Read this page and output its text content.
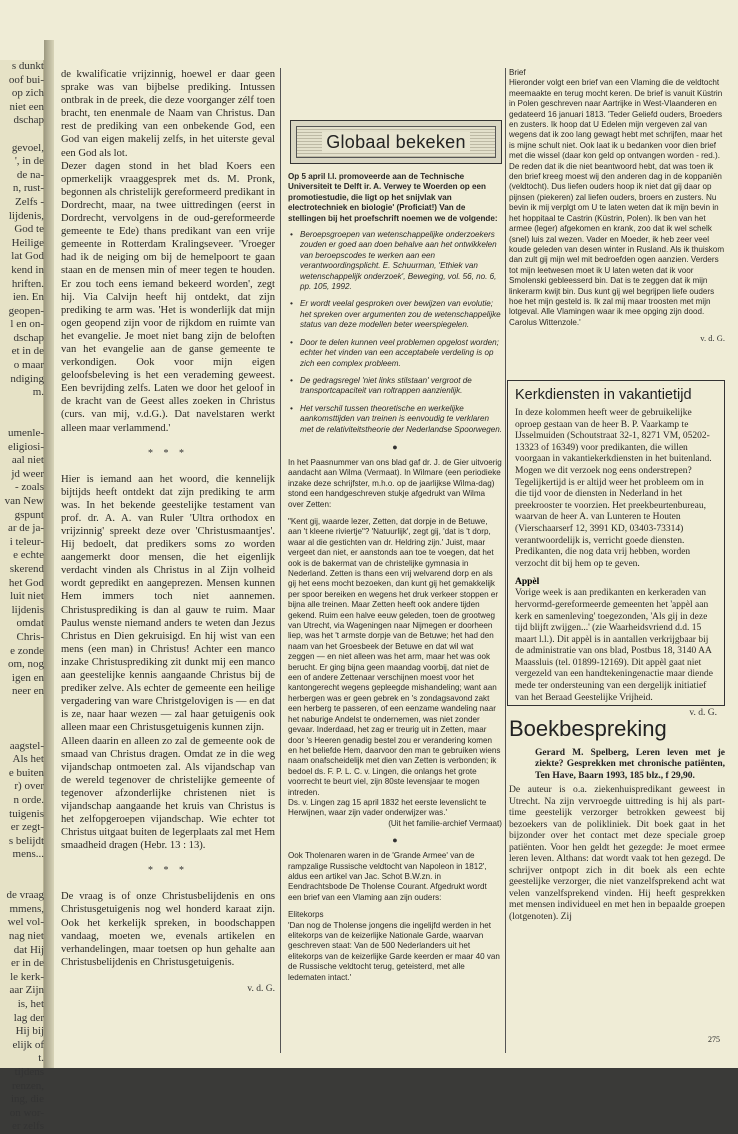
s dunkt
oof bui-
op zich
niet een
dschap

gevoel,
', in de
de na-
n, rust-
Zelfs -
lijdenis,
God te
Heilige
lat God
kend in
hriften.
ien. En
geopen-
l en on-
dschap
et in de
o maar
ndiging
m.

umenle-
eligiosi-
aal niet
jd weer
- zoals
van New
gspunt
ar de ja-
i teleur-
e echte
skerend
het God
luit niet
lijdenis
omdat
Chris-
e zonde
om, nog
igen en
neer en

aagstel-
Als het
e buiten
r) over
n orde.
tuigenis
er zegt-
s belijdt
mens...

de vraag
mmens,
wel vol-
nag niet
dat Hij
er in de
le kerk-
aar Zijn
is, het
lag der
Hij bij
elijk of
t.
tijdens
renzen,
ing, die
on wor-
er zelfs

de kwalificatie vrijzinnig, hoewel er daar geen sprake was van bijbelse prediking. Intussen ontbrak in de preek, die deze voorganger zélf toen bracht, ten enenmale de Naam van Christus. Dan rest de prediking van een onbekende God, een God van eigen makelij zelfs, in het uiterste geval een God als lot.

Dezer dagen stond in het blad Koers een opmerkelijk vraaggesprek met ds. M. Pronk, begonnen als christelijk gereformeerd predikant in Dordrecht, maar, na twee uittredingen (eerst in Dordrecht, vervolgens in de oud-gereformeerde gemeente te Ede) thans predikant van een vrije gemeente in Rotterdam Kralingseveer. 'Vroeger had ik de neiging om bij de hemelpoort te gaan staan en de mensen min of meer tegen te houden. Er zou toch eens iemand bekeerd worden', zegt hij. Via Calvijn heeft hij ontdekt, dat zijn prediking te arm was. 'Het is wonderlijk dat mijn ogen geopend zijn voor de rijkdom en ruimte van het evangelie. Je moet niet bang zijn de beloften van het evangelie aan de ganse gemeente te verkondigen. Ook voor mijn eigen geloofsbeleving is het een verademing geweest. Een bevrijding zelfs. Laten we door het geloof in de kracht van de Geest alles zoeken in Christus (curs. van mij, v.d.G.). Dat navelstaren werkt alleen maar verlammend.'

* * *

Hier is iemand aan het woord, die kennelijk bijtijds heeft ontdekt dat zijn prediking te arm was. In het bekende geestelijke testament van prof. dr. A. A. van Ruler 'Ultra orthodox en vrijzinnig' spreekt deze over 'Christusmaantjes'. Hij bedoelt, dat predikers soms zo worden aangemerkt door mensen, die het eigenlijk verdacht vinden als Christus in al Zijn volheid wordt gepredikt en aangeprezen. Mensen kunnen Hem immers toch niet aannemen. Christusprediking is dan al gauw te ruim. Maar Paulus wenste niemand anders te weten dan Jezus Christus en Dien gekruisigd. En hij wist van een mens (een man) in Christus! Achter een manco inzake Christusprediking zit dunkt mij een manco aan geestelijke kennis aangaande Christus bij de prediker zelve. Als echter de gemeente een heilige vergadering van ware Christgelovigen is — en dat is ze, naar haar wezen — zal haar getuigenis ook alleen maar een Christusgetuigenis kunnen zijn.

Alleen daarin en alleen zo zal de gemeente ook de smaad van Christus dragen. Omdat ze in die weg vijandschap ontmoeten zal. Als vijandschap van de wereld tegenover de christelijke gemeente of tegenover afzonderlijke christenen niet is vijandschap aangaande het kruis van Christus is het zelfopgeroepen vijandschap. Wie echter tot Christus uitgaat buiten de legerplaats zal met Hem smaadheid dragen (Hebr. 13 : 13).

* * *

De vraag is of onze Christusbelijdenis en ons Christusgetuigenis nog wel honderd karaat zijn. Ook het kerkelijk spreken, in boodschappen vandaag, moeten we, evenals artikelen en verhandelingen, maar toetsen op hun gehalte aan Christusbelijdenis en Christusgetuigenis.

v. d. G.
Globaal bekeken

Op 5 april l.l. promoveerde aan de Technische Universiteit te Delft ir. A. Verwey te Woerden op een promotiestudie, die ligt op het snijvlak van electrotechniek en biologie' (Proficiat!) Van de stellingen bij het proefschrift noemen we de volgende:

• Beroepsgroepen van wetenschappelijke onderzoekers zouden er goed aan doen behalve aan het ontwikkelen van beroepscodes te werken aan een verantwoordingsplicht. E. Schuurman, 'Ethiek van wetenschappelijk onderzoek', Beweging, vol. 56, no. 6, pp. 105, 1992.
• Er wordt veelal gesproken over bewijzen van evolutie; het spreken over argumenten zou de wetenschappelijke status van deze modellen beter weerspiegelen.
• Door te delen kunnen veel problemen opgelost worden; echter het vinden van een acceptabele verdeling is op zich een complex probleem.
• De gedragsregel 'niet links stilstaan' vergroot de transportcapaciteit van roltrappen aanzienlijk.
• Het verschil tussen theoretische en werkelijke aankomsttijden van treinen is eenvoudig te verklaren met de relativiteitstheorie der Nederlandse Spoorwegen.
●

In het Paasnummer van ons blad gaf dr. J. de Gier uitvoerig aandacht aan Wilma (Vermaat). In Wilmare (een periodieke inzake deze schrijfster, m.h.o. op de jaarlijkse Wilma-dag) stond een handgeschreven stukje afgedrukt van Wilma over Zetten:

"Kent gij, waarde lezer, Zetten, dat dorpje in de Betuwe, aan 't kleene riviertje"? 'Natuurlijk', zegt gij, 'dat is 't dorp, waar al die gestichten van dr. Heldring zijn.' Juist, maar vergeet dan niet, er aanstonds aan toe te voegen, dat het ook is de bakermat van de christelijke gymnasia in Nederland. Zetten is thans een vrij welvarend dorp en als gij het eens mocht bezoeken, dan kunt gij het gemakkelijk per spoor bereiken en wegens het druk verkeer stoppen er bijna alle treinen. Maar Zetten heeft ook andere tijden gekend. Ruim een halve eeuw geleden, toen de grootweg van Utrecht, via Wageningen naar Nijmegen er doorheen liep, was het 't armste dorpje van de Betuwe; het had den naam van het Groesbeek der Betuwe en dat wil wat zeggen — en niet alleen was het arm, maar het was ook berucht. Er ging bijna geen maandag voorbij, dat niet de een of andere Zettenaar verschijnen moest voor het kantongerecht wegens gepleegde mishandeling; want aan herbergen was er geen gebrek en 's zondagsavond zakt een herberg te passeren, of een eenzame wandeling naar het naburige Andelst te ondernemen, was niet zonder gevaar. Inderdaad, het zag er treurig uit in Zetten, maar door 's Heeren genadig bestel zou er verandering komen en het beliefde Hem, daarvoor den man te gebruiken wiens naam onafscheidelijk met dien van Zetten is verbonden; ik bedoel ds. F. P. L. C. v. Lingen, die onlangs het grote voorrecht te beurt viel, zijn 80ste levensjaar te mogen intreden.

Ds. v. Lingen zag 15 april 1832 het eerste levenslicht te Herwijnen, waar zijn vader onderwijzer was.'

(Uit het familie-archief Vermaat)

●

Ook Tholenaren waren in de 'Grande Armee' van de rampzalige Russische veldtocht van Napoleon in 1812', aldus een artikel van Jac. Schot B.W.zn. in Eendrachtsbode De Tholense Courant. Afgedrukt wordt een brief van een Vlaming aan zijn ouders:

Elitekorps

'Dan nog de Tholense jongens die ingelijfd werden in het elitekorps van de keizerlijke Nationale Garde, waarvan geschreven staat: Van de 500 Nederlanders uit het elitekorps van de keizerlijke Garde keerden er maar 40 van de Russische veldtocht terug, geteisterd, met alle ledematen intact.'

Brief

Hieronder volgt een brief van een Vlaming die de veldtocht meemaakte en terug mocht keren. De brief is vanuit Küstrin in Polen geschreven naar Aartrijke in West-Vlaanderen en gedateerd 16 januari 1813. 'Teder Geliefd ouders, Broeders en zusters. Ik hoop dat U Edelen mijn vergeven zal van wegens dat ik zoo lang gewagt hebt met schrijfen, maar het is mijne schult niet. Ook laat ik u bedanken voor dien brief met die wissel (daar kon geld op ontvangen worden - red.). De reden dat ik die niet beantwoord hebt, dat was toen ik den brief kreeg moest wij den anderen dag in de koppaniën (veldtocht). Dus liefen ouders hoop ik niet dat gij daar op pijnsen (piekeren) zal liefen ouders, broers en zusters. Nu bevin ik mij verplgt om U te laten weten dat ik mijn bevin in het hoppitaal te Castrin (Küstrin, Polen). Ik ben van het armee (leger) afgekomen en krank, zoo dat ik wel schelk (snel) luis zal wezen. Vader en Moeder, ik heb zeer veel koude geleden van desen winter in Rusland. Als ik thuiskom dan zult gij mijn wel mit bedroefden ogen aanzien. Verders tot mijn leetwesen moet ik U laten weten dat ik voor Smolenski gebleesserd bin. Dat is te zeggen dat ik mijn linkerarm kwijt bin. Dus kunt gij wel begrijpen liefe ouders hoe het mijn gesteld is. Ik zal mij maar troosten met mijn lotgeval. Alle Vlamingen waar ik mee opging zijn dood. Carolus Wittenzole.'

v. d. G.
Kerkdiensten in vakantietijd

In deze kolommen heeft weer de gebruikelijke oproep gestaan van de heer B. P. Vaarkamp te IJsselmuiden (Schoutstraat 32-1, 8271 VM, 05202-13323 of 16349) voor predikanten, die willen voorgaan in vakantiekerkdiensten in het buitenland. Mogen we dit verzoek nog eens onderstrepen? Tegelijkertijd is er altijd weer het probleem om in die tijd voor de diensten in Nederland in het preekrooster te voorzien. Het preekbeurtenbureau, waarvan de heer A. van Lunteren te Houten (Vierschaarserf 12, 3991 KD, 03403-73314) verantwoordelijk is, verricht goede diensten. Predikanten, die nog data vrij hebben, worden verzocht dit bij hem op te geven.

Appèl

Vorige week is aan predikanten en kerkeraden van hervormd-gereformeerde gemeenten het 'appèl aan kerk en samenleving' toegezonden, 'Als gij in deze tijd blijft zwijgen...' (zie Waarheidsvriend d.d. 15 maart l.l.). Dit appèl is in aantallen verkrijgbaar bij de administratie van ons blad, Postbus 18, 3140 AA Maassluis (tel. 01899-12169). Dit appèl gaat niet vergezeld van een handtekeningenactie maar diende mede ter ondersteuning van een dergelijk initiatief van het Beraad Geestelijke Vrijheid.

v. d. G.
Boekbespreking

Gerard M. Spelberg, Leren leven met je ziekte? Gesprekken met chronische patiënten, Ten Have, Baarn 1993, 185 blz., f 29,90.

De auteur is o.a. ziekenhuispredikant geweest in Utrecht. Na zijn vervroegde uittreding is hij als part-time geestelijk verzorger betrokken geweest bij bezoekers van de polikliniek. Dit boek gaat in het bijzonder over het contact met deze speciale groep patiënten. Voor hen geldt het gezegde: Je moet ermee leren leven. Althans: dat wordt vaak tot hen gezegd. De schrijver ontpopt zich in dit boek als een echte geestelijke verzorger, die niet vanzelfsprekend acht wat velen vanzelfsprekend vinden. Hij heeft gesprekken met mensen individueel en met hen in bepaalde groepen (lotgenoten). Zij

275
